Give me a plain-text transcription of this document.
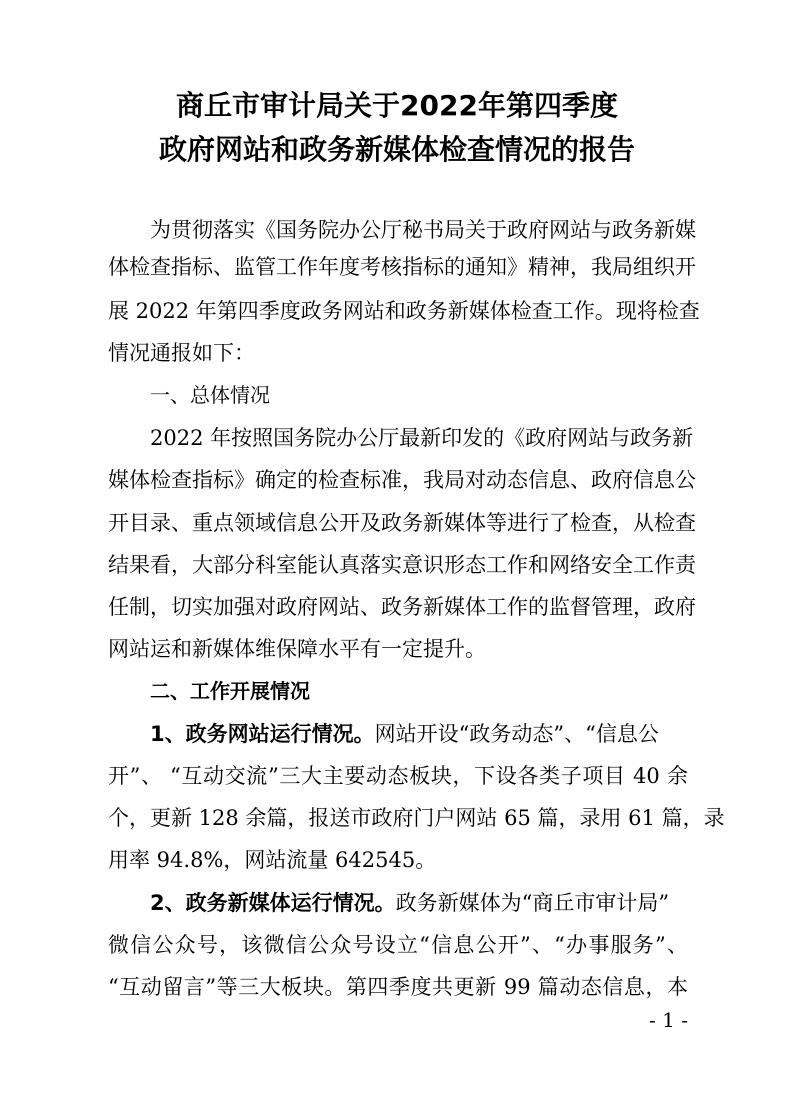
商丘市审计局关于2022年第四季度
政府网站和政务新媒体检查情况的报告
为贯彻落实《国务院办公厅秘书局关于政府网站与政务新媒
体检查指标、监管工作年度考核指标的通知》精神，我局组织开
展 2022 年第四季度政务网站和政务新媒体检查工作。现将检查
情况通报如下：
一、总体情况
2022 年按照国务院办公厅最新印发的《政府网站与政务新
媒体检查指标》确定的检查标准，我局对动态信息、政府信息公
开目录、重点领域信息公开及政务新媒体等进行了检查，从检查
结果看，大部分科室能认真落实意识形态工作和网络安全工作责
任制，切实加强对政府网站、政务新媒体工作的监督管理，政府
网站运和新媒体维保障水平有一定提升。
二、工作开展情况
1、政务网站运行情况。网站开设“政务动态”、“信息公
开”、 “互动交流”三大主要动态板块，下设各类子项目 40 余
个，更新 128 余篇，报送市政府门户网站 65 篇，录用 61 篇，录
用率 94.8%，网站流量 642545。
2、政务新媒体运行情况。政务新媒体为“商丘市审计局”
微信公众号，该微信公众号设立“信息公开”、“办事服务”、
“互动留言”等三大板块。第四季度共更新 99 篇动态信息，本
- 1 -
